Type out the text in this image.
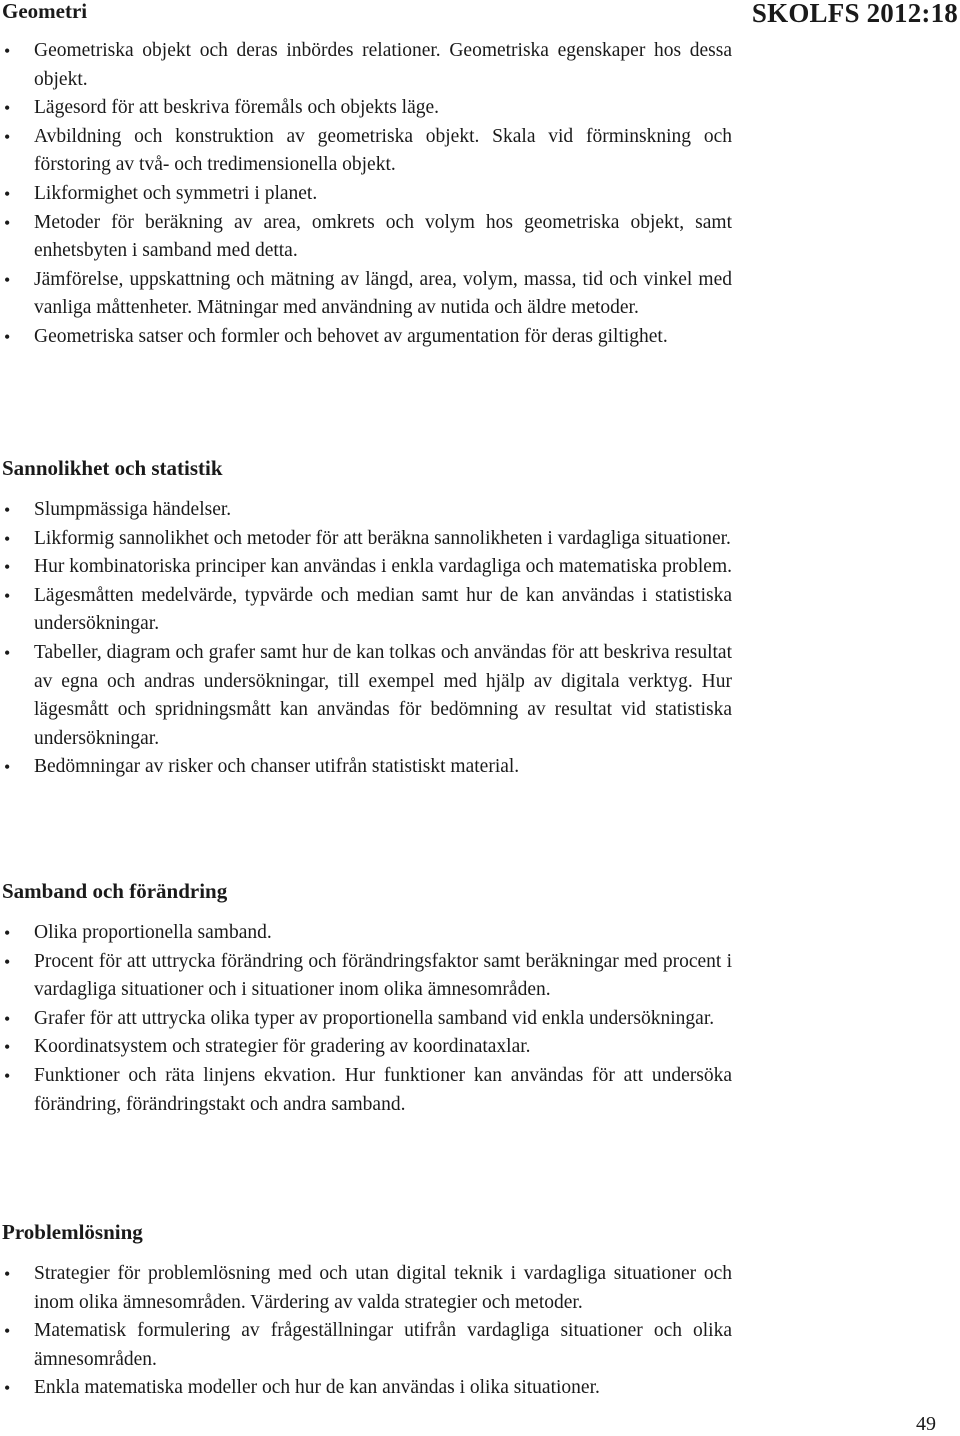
SKOLFS 2012:18
Geometri
• Geometriska objekt och deras inbördes relationer. Geometriska egenskaper hos dessa objekt.
• Lägesord för att beskriva föremåls och objekts läge.
• Avbildning och konstruktion av geometriska objekt. Skala vid förminskning och förstoring av två- och tredimensionella objekt.
• Likformighet och symmetri i planet.
• Metoder för beräkning av area, omkrets och volym hos geometriska objekt, samt enhetsbyten i samband med detta.
• Jämförelse, uppskattning och mätning av längd, area, volym, massa, tid och vinkel med vanliga måttenheter. Mätningar med användning av nutida och äldre metoder.
• Geometriska satser och formler och behovet av argumentation för deras giltighet.
Sannolikhet och statistik
• Slumpmässiga händelser.
• Likformig sannolikhet och metoder för att beräkna sannolikheten i vardagliga situationer.
• Hur kombinatoriska principer kan användas i enkla vardagliga och matematiska problem.
• Lägesmåtten medelvärde, typvärde och median samt hur de kan användas i statistiska undersökningar.
• Tabeller, diagram och grafer samt hur de kan tolkas och användas för att beskriva resultat av egna och andras undersökningar, till exempel med hjälp av digitala verktyg. Hur lägesmått och spridningsmått kan användas för bedömning av resultat vid statistiska undersökningar.
• Bedömningar av risker och chanser utifrån statistiskt material.
Samband och förändring
• Olika proportionella samband.
• Procent för att uttrycka förändring och förändringsfaktor samt beräkningar med procent i vardagliga situationer och i situationer inom olika ämnesområden.
• Grafer för att uttrycka olika typer av proportionella samband vid enkla undersökningar.
• Koordinatsystem och strategier för gradering av koordinataxlar.
• Funktioner och räta linjens ekvation. Hur funktioner kan användas för att undersöka förändring, förändringstakt och andra samband.
Problemlösning
• Strategier för problemlösning med och utan digital teknik i vardagliga situationer och inom olika ämnesområden. Värdering av valda strategier och metoder.
• Matematisk formulering av frågeställningar utifrån vardagliga situationer och olika ämnesområden.
• Enkla matematiska modeller och hur de kan användas i olika situationer.
49
